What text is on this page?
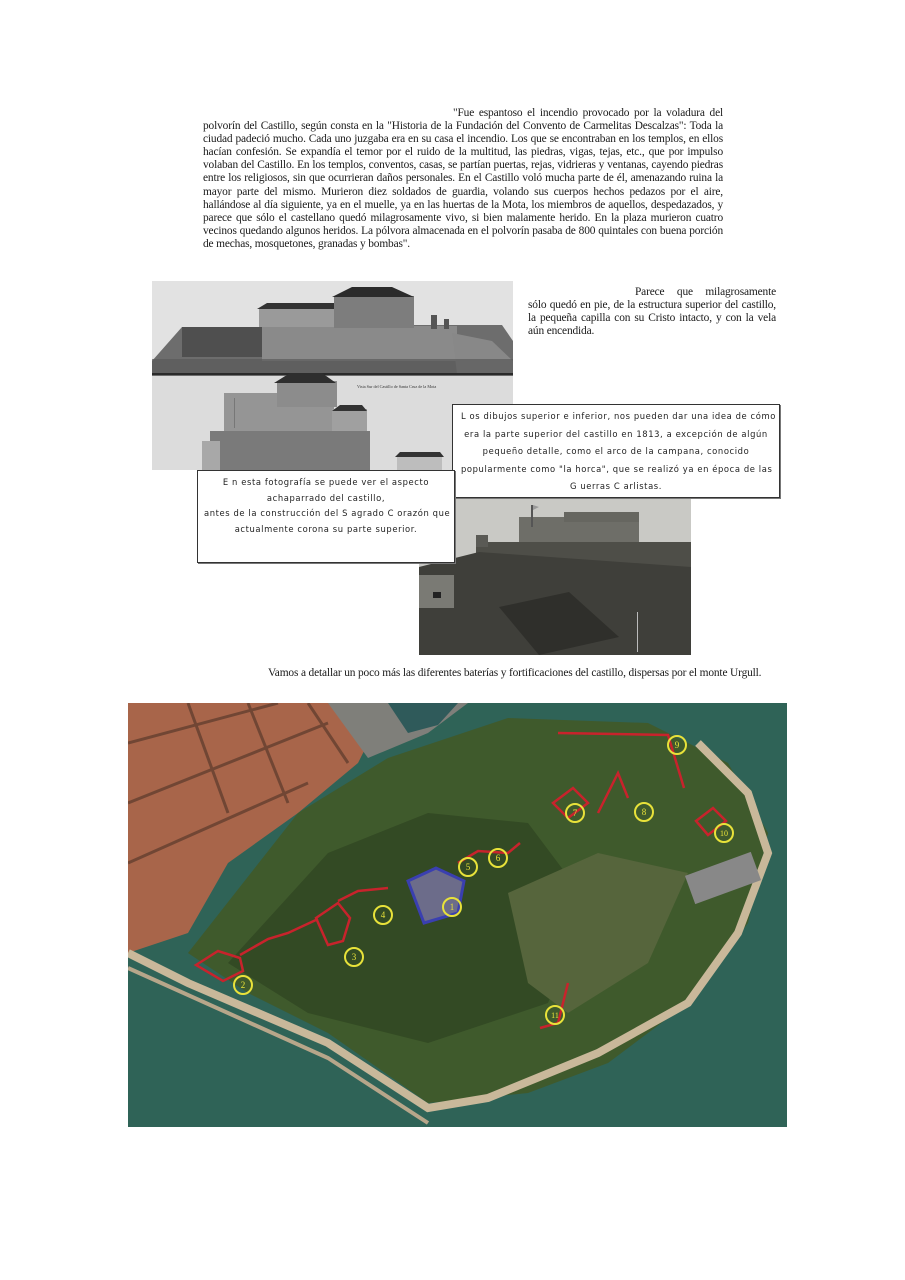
"Fue espantoso el incendio provocado por la voladura del polvorín del Castillo, según consta en la "Historia de la Fundación del Convento de Carmelitas Descalzas": Toda la ciudad padeció mucho. Cada uno juzgaba era en su casa el incendio. Los que se encontraban en los templos, en ellos hacían confesión. Se expandía el temor por el ruido de la multitud, las piedras, vigas, tejas, etc., que por impulso volaban del Castillo. En los templos, conventos, casas, se partían puertas, rejas, vidrieras y ventanas, cayendo piedras entre los religiosos, sin que ocurrieran daños personales. En el Castillo voló mucha parte de él, amenazando ruina la mayor parte del mismo. Murieron diez soldados de guardia, volando sus cuerpos hechos pedazos por el aire, hallándose al día siguiente, ya en el muelle, ya en las huertas de la Mota, los miembros de aquellos, despedazados, y parece que sólo el castellano quedó milagrosamente vivo, si bien malamente herido. En la plaza murieron cuatro vecinos quedando algunos heridos. La pólvora almacenada en el polvorín pasaba de 800 quintales con buena porción de mechas, mosquetones, granadas y bombas".
Vista Sur del Castillo de Santa Cruz de la Mota
Parece que milagrosamente sólo quedó en pie, de la estructura superior del castillo, la pequeña capilla con su Cristo intacto, y con la vela aún encendida.
L os dibujos superior e inferior, nos pueden dar una idea de cómo
era la parte superior del castillo en 1813, a excepción de algún
pequeño detalle, como el arco de la campana, conocido
popularmente como "la horca", que se realizó ya en época de las
G uerras C arlistas.
E n esta fotografía se puede ver el aspecto
achaparrado del castillo,
antes de la construcción del S agrado C orazón que
actualmente corona su parte superior.
Vamos a detallar un poco más las diferentes baterías y fortificaciones del castillo, dispersas por el monte Urgull.
1
2
3
4
5
6
7	8
9
10
11
